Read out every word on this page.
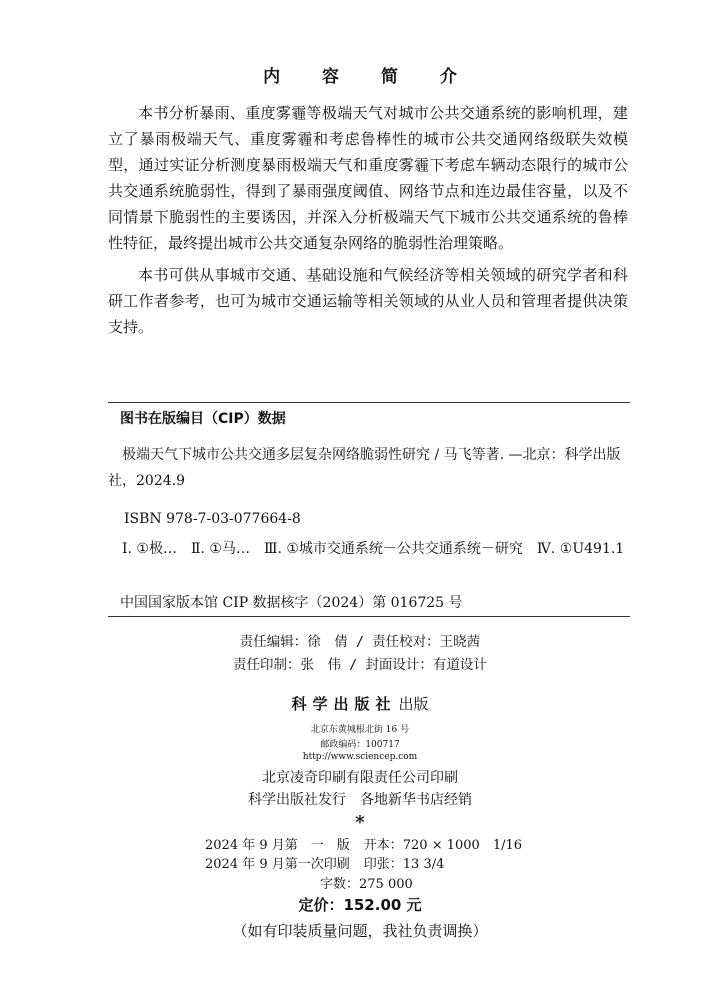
内 容 简 介

本书分析暴雨、重度雾霾等极端天气对城市公共交通系统的影响机理，建立了暴雨极端天气、重度雾霾和考虑鲁棒性的城市公共交通网络级联失效模型，通过实证分析测度暴雨极端天气和重度雾霾下考虑车辆动态限行的城市公共交通系统脆弱性，得到了暴雨强度阈值、网络节点和连边最佳容量，以及不同情景下脆弱性的主要诱因，并深入分析极端天气下城市公共交通系统的鲁棒性特征，最终提出城市公共交通复杂网络的脆弱性治理策略。

本书可供从事城市交通、基础设施和气候经济等相关领域的研究学者和科研工作者参考，也可为城市交通运输等相关领域的从业人员和管理者提供决策支持。

图书在版编目（CIP）数据
极端天气下城市公共交通多层复杂网络脆弱性研究 / 马飞等著. —北京：科学出版社，2024.9
ISBN 978-7-03-077664-8
Ⅰ. ①极…　Ⅱ. ①马…　Ⅲ. ①城市交通系统－公共交通系统－研究　Ⅳ. ①U491.1
中国国家版本馆 CIP 数据核字（2024）第 016725 号
责任编辑：徐　倩 / 责任校对：王晓茜
责任印制：张　伟 / 封面设计：有道设计
科学出版社 出版
北京东黄城根北街 16 号
邮政编码：100717
http://www.sciencep.com
北京凌奇印刷有限责任公司印刷
科学出版社发行　各地新华书店经销
*
2024 年 9 月第　一　版 开本：720 × 1000　1/16
2024 年 9 月第一次印刷 印张：13 3/4
字数：275 000
定价：152.00 元
（如有印装质量问题，我社负责调换）
